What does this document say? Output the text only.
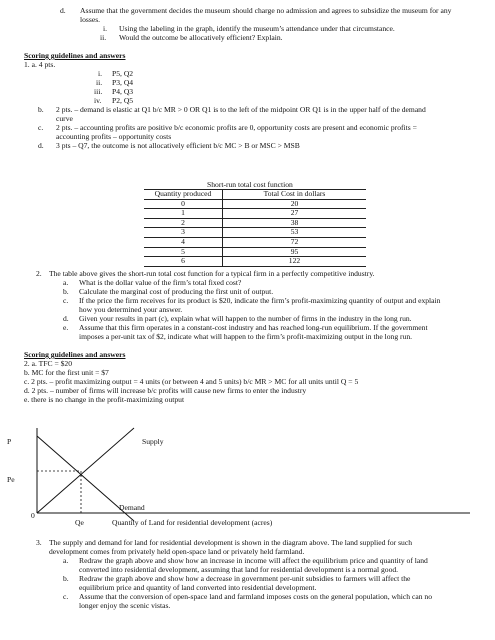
d. Assume that the government decides the museum should charge no admission and agrees to subsidize the museum for any
losses.
i. Using the labeling in the graph, identify the museum’s attendance under that circumstance.
ii. Would the outcome be allocatively efficient? Explain.
Scoring guidelines and answers
1. a. 4 pts.
i. P5, Q2
ii. P3, Q4
iii. P4, Q3
iv. P2, Q5
b. 2 pts. – demand is elastic at Q1 b/c MR > 0 OR Q1 is to the left of the midpoint OR Q1 is in the upper half of the demand
curve
c. 2 pts. – accounting profits are positive b/c economic profits are 0, opportunity costs are present and economic profits =
accounting profits – opportunity costs
d. 3 pts – Q7, the outcome is not allocatively efficient b/c MC > B or MSC > MSB
Short-run total cost function
Quantity produced	Total Cost in dollars
0	20
1	27
2	38
3	53
4	72
5	95
6	122
2. The table above gives the short-run total cost function for a typical firm in a perfectly competitive industry.
a. What is the dollar value of the firm’s total fixed cost?
b. Calculate the marginal cost of producing the first unit of output.
c. If the price the firm receives for its product is $20, indicate the firm’s profit-maximizing quantity of output and explain
how you determined your answer.
d. Given your results in part (c), explain what will happen to the number of firms in the industry in the long run.
e. Assume that this firm operates in a constant-cost industry and has reached long-run equilibrium. If the government
imposes a per-unit tax of $2, indicate what will happen to the firm’s profit-maximizing output in the long run.
Scoring guidelines and answers
2. a. TFC = $20
b. MC for the first unit = $7
c. 2 pts. – profit maximizing output = 4 units (or between 4 and 5 units) b/c MR > MC for all units until Q = 5
d. 2 pts. – number of firms will increase b/c profits will cause new firms to enter the industry
e. there is no change in the profit-maximizing output
P	Supply
Pe
Demand
0
Qe	Quantity of Land for residential development (acres)
3. The supply and demand for land for residential development is shown in the diagram above. The land supplied for such
development comes from privately held open-space land or privately held farmland.
a. Redraw the graph above and show how an increase in income will affect the equilibrium price and quantity of land
converted into residential development, assuming that land for residential development is a normal good.
b. Redraw the graph above and show how a decrease in government per-unit subsidies to farmers will affect the
equilibrium price and quantity of land converted into residential development.
c. Assume that the conversion of open-space land and farmland imposes costs on the general population, which can no
longer enjoy the scenic vistas.
